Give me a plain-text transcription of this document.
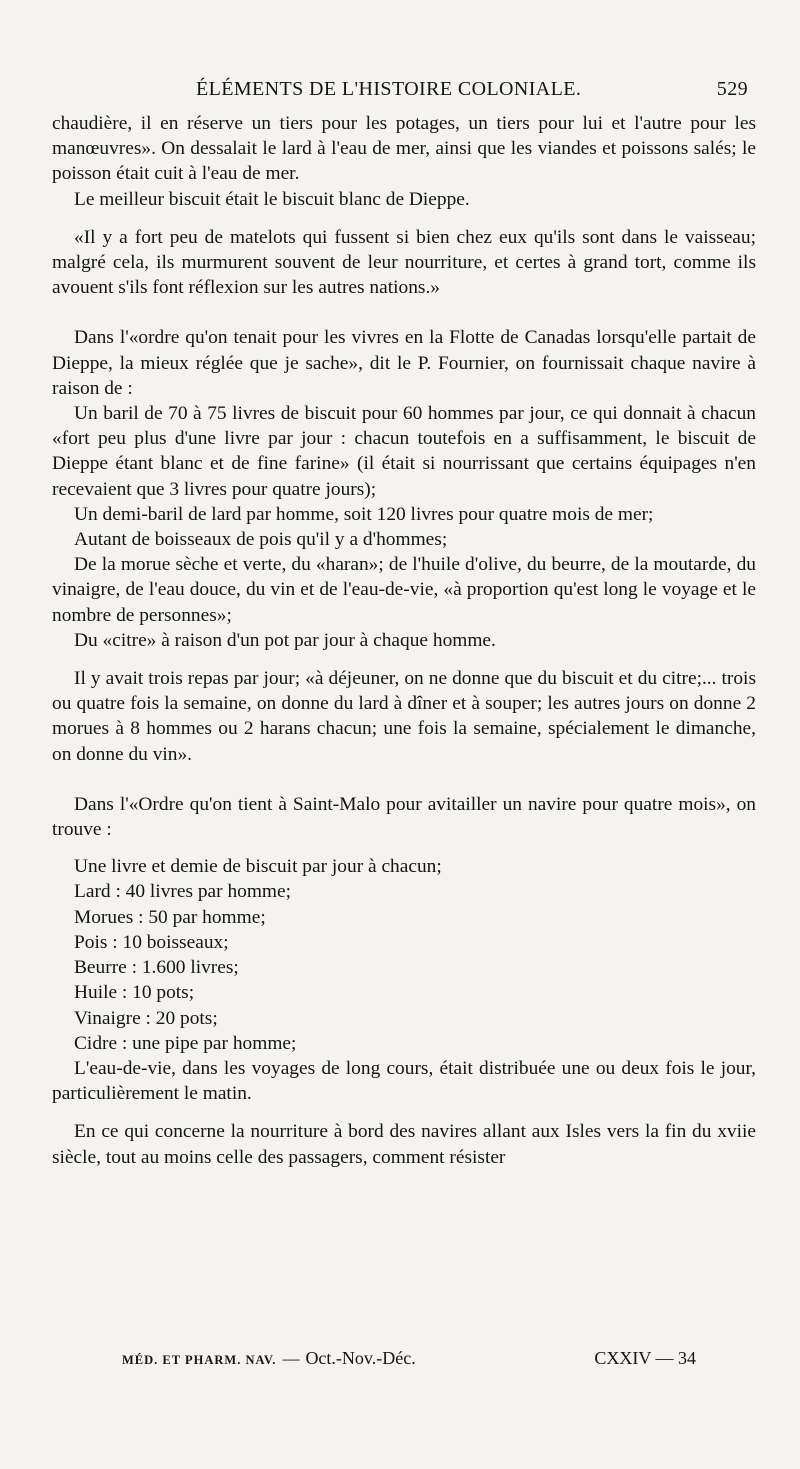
ÉLÉMENTS DE L'HISTOIRE COLONIALE.	529

chaudière, il en réserve un tiers pour les potages, un tiers pour lui et l'autre pour les manœuvres». On dessalait le lard à l'eau de mer, ainsi que les viandes et poissons salés; le poisson était cuit à l'eau de mer.

Le meilleur biscuit était le biscuit blanc de Dieppe.

«Il y a fort peu de matelots qui fussent si bien chez eux qu'ils sont dans le vaisseau; malgré cela, ils murmurent souvent de leur nourriture, et certes à grand tort, comme ils avouent s'ils font réflexion sur les autres nations.»

Dans l'«ordre qu'on tenait pour les vivres en la Flotte de Canadas lorsqu'elle partait de Dieppe, la mieux réglée que je sache», dit le P. Fournier, on fournissait chaque navire à raison de :

Un baril de 70 à 75 livres de biscuit pour 60 hommes par jour, ce qui donnait à chacun «fort peu plus d'une livre par jour : chacun toutefois en a suffisamment, le biscuit de Dieppe étant blanc et de fine farine» (il était si nourrissant que certains équipages n'en recevaient que 3 livres pour quatre jours);

Un demi-baril de lard par homme, soit 120 livres pour quatre mois de mer;

Autant de boisseaux de pois qu'il y a d'hommes;

De la morue sèche et verte, du «haran»; de l'huile d'olive, du beurre, de la moutarde, du vinaigre, de l'eau douce, du vin et de l'eau-de-vie, «à proportion qu'est long le voyage et le nombre de personnes»;

Du «citre» à raison d'un pot par jour à chaque homme.

Il y avait trois repas par jour; «à déjeuner, on ne donne que du biscuit et du citre;... trois ou quatre fois la semaine, on donne du lard à dîner et à souper; les autres jours on donne 2 morues à 8 hommes ou 2 harans chacun; une fois la semaine, spécialement le dimanche, on donne du vin».

Dans l'«Ordre qu'on tient à Saint-Malo pour avitailler un navire pour quatre mois», on trouve :

Une livre et demie de biscuit par jour à chacun;
Lard : 40 livres par homme;
Morues : 50 par homme;
Pois : 10 boisseaux;
Beurre : 1.600 livres;
Huile : 10 pots;
Vinaigre : 20 pots;
Cidre : une pipe par homme;

L'eau-de-vie, dans les voyages de long cours, était distribuée une ou deux fois le jour, particulièrement le matin.

En ce qui concerne la nourriture à bord des navires allant aux Isles vers la fin du xviie siècle, tout au moins celle des passagers, comment résister

MÉD. ET PHARM. NAV. — Oct.-Nov.-Déc.	CXXIV — 34
